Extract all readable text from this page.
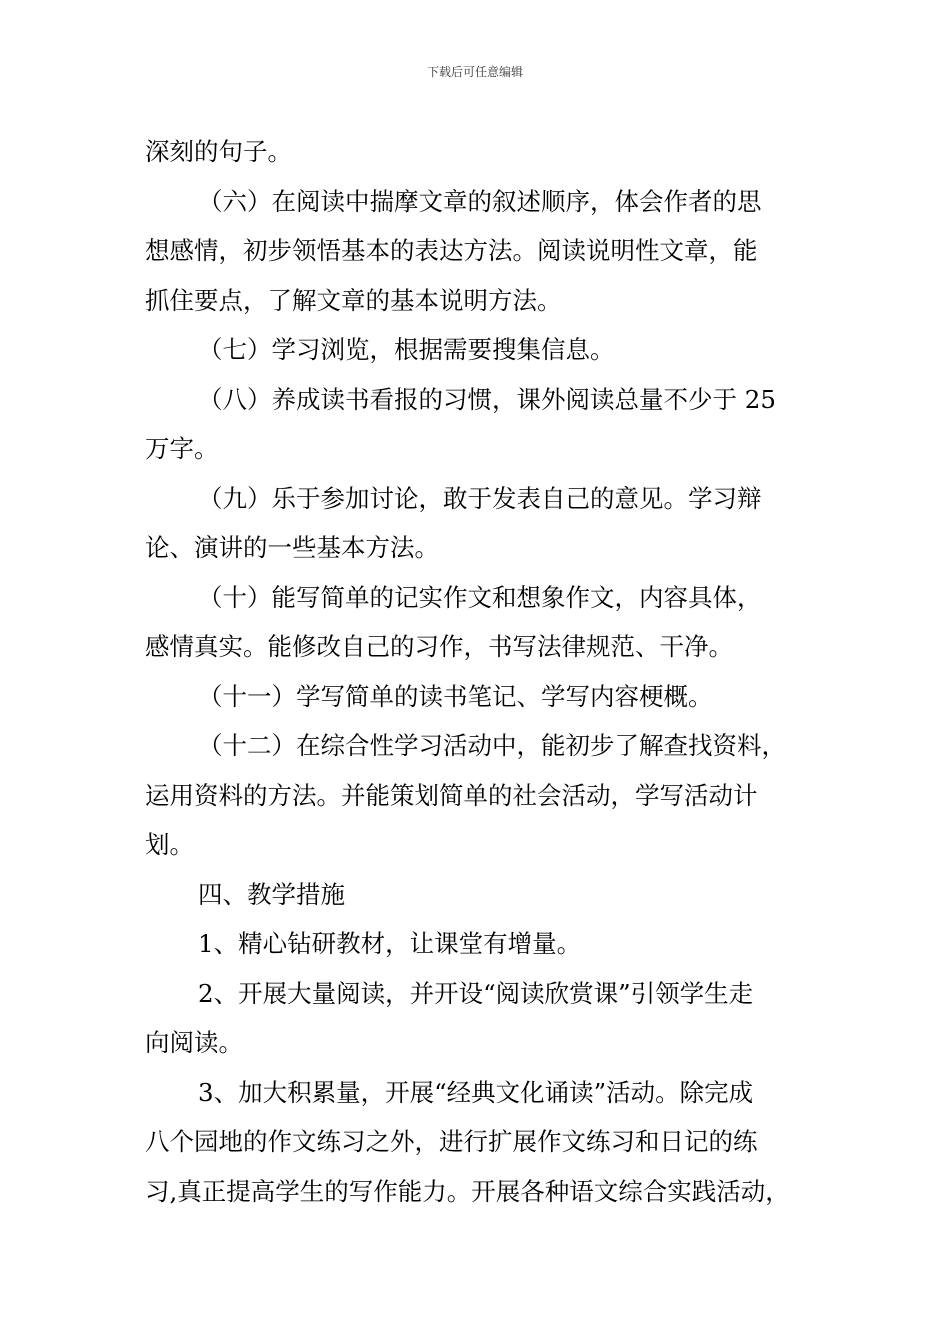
下载后可任意编辑

深刻的句子。

（六）在阅读中揣摩文章的叙述顺序，体会作者的思

想感情，初步领悟基本的表达方法。阅读说明性文章，能

抓住要点，了解文章的基本说明方法。

（七）学习浏览，根据需要搜集信息。

（八）养成读书看报的习惯，课外阅读总量不少于 25

万字。

（九）乐于参加讨论，敢于发表自己的意见。学习辩

论、演讲的一些基本方法。

（十）能写简单的记实作文和想象作文，内容具体，

感情真实。能修改自己的习作，书写法律规范、干净。

（十一）学写简单的读书笔记、学写内容梗概。

（十二）在综合性学习活动中，能初步了解查找资料，

运用资料的方法。并能策划简单的社会活动，学写活动计

划。

四、教学措施

1、精心钻研教材，让课堂有增量。

2、开展大量阅读，并开设“阅读欣赏课”引领学生走

向阅读。

3、加大积累量，开展“经典文化诵读”活动。除完成

八个园地的作文练习之外，进行扩展作文练习和日记的练

习,真正提高学生的写作能力。开展各种语文综合实践活动，
